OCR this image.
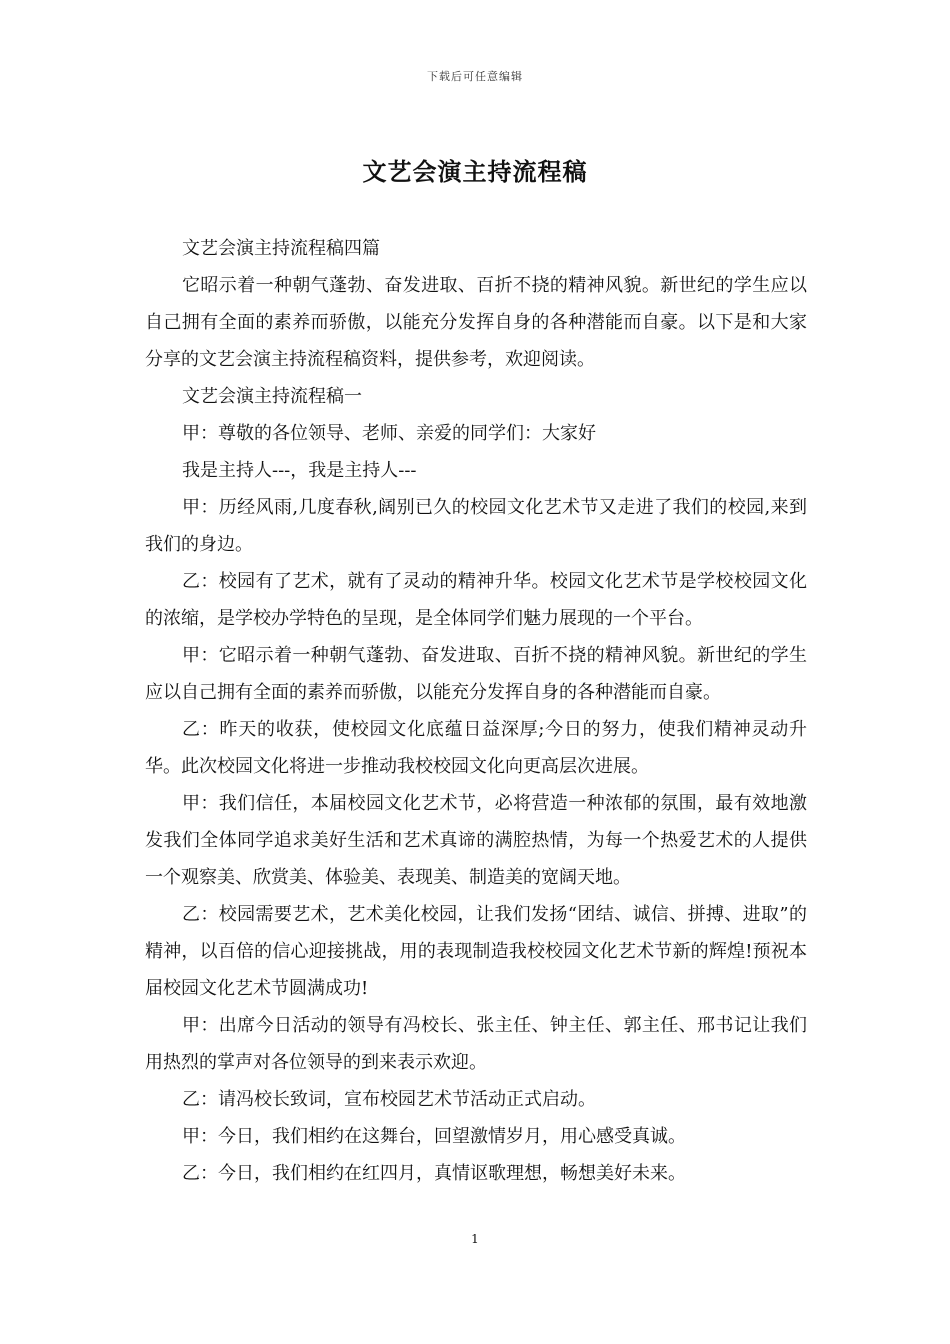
下载后可任意编辑
文艺会演主持流程稿

文艺会演主持流程稿四篇

它昭示着一种朝气蓬勃、奋发进取、百折不挠的精神风貌。新世纪的学生应以自己拥有全面的素养而骄傲，以能充分发挥自身的各种潜能而自豪。以下是和大家分享的文艺会演主持流程稿资料，提供参考，欢迎阅读。

文艺会演主持流程稿一

甲：尊敬的各位领导、老师、亲爱的同学们：大家好

我是主持人---，我是主持人---

甲：历经风雨,几度春秋,阔别已久的校园文化艺术节又走进了我们的校园,来到我们的身边。

乙：校园有了艺术，就有了灵动的精神升华。校园文化艺术节是学校校园文化的浓缩，是学校办学特色的呈现，是全体同学们魅力展现的一个平台。

甲：它昭示着一种朝气蓬勃、奋发进取、百折不挠的精神风貌。新世纪的学生应以自己拥有全面的素养而骄傲，以能充分发挥自身的各种潜能而自豪。

乙：昨天的收获，使校园文化底蕴日益深厚;今日的努力，使我们精神灵动升华。此次校园文化将进一步推动我校校园文化向更高层次进展。

甲：我们信任，本届校园文化艺术节，必将营造一种浓郁的氛围，最有效地激发我们全体同学追求美好生活和艺术真谛的满腔热情，为每一个热爱艺术的人提供一个观察美、欣赏美、体验美、表现美、制造美的宽阔天地。

乙：校园需要艺术，艺术美化校园，让我们发扬“团结、诚信、拼搏、进取”的精神，以百倍的信心迎接挑战，用的表现制造我校校园文化艺术节新的辉煌!预祝本届校园文化艺术节圆满成功!

甲：出席今日活动的领导有冯校长、张主任、钟主任、郭主任、邢书记让我们用热烈的掌声对各位领导的到来表示欢迎。

乙：请冯校长致词，宣布校园艺术节活动正式启动。

甲：今日，我们相约在这舞台，回望激情岁月，用心感受真诚。

乙：今日，我们相约在红四月，真情讴歌理想，畅想美好未来。

1
